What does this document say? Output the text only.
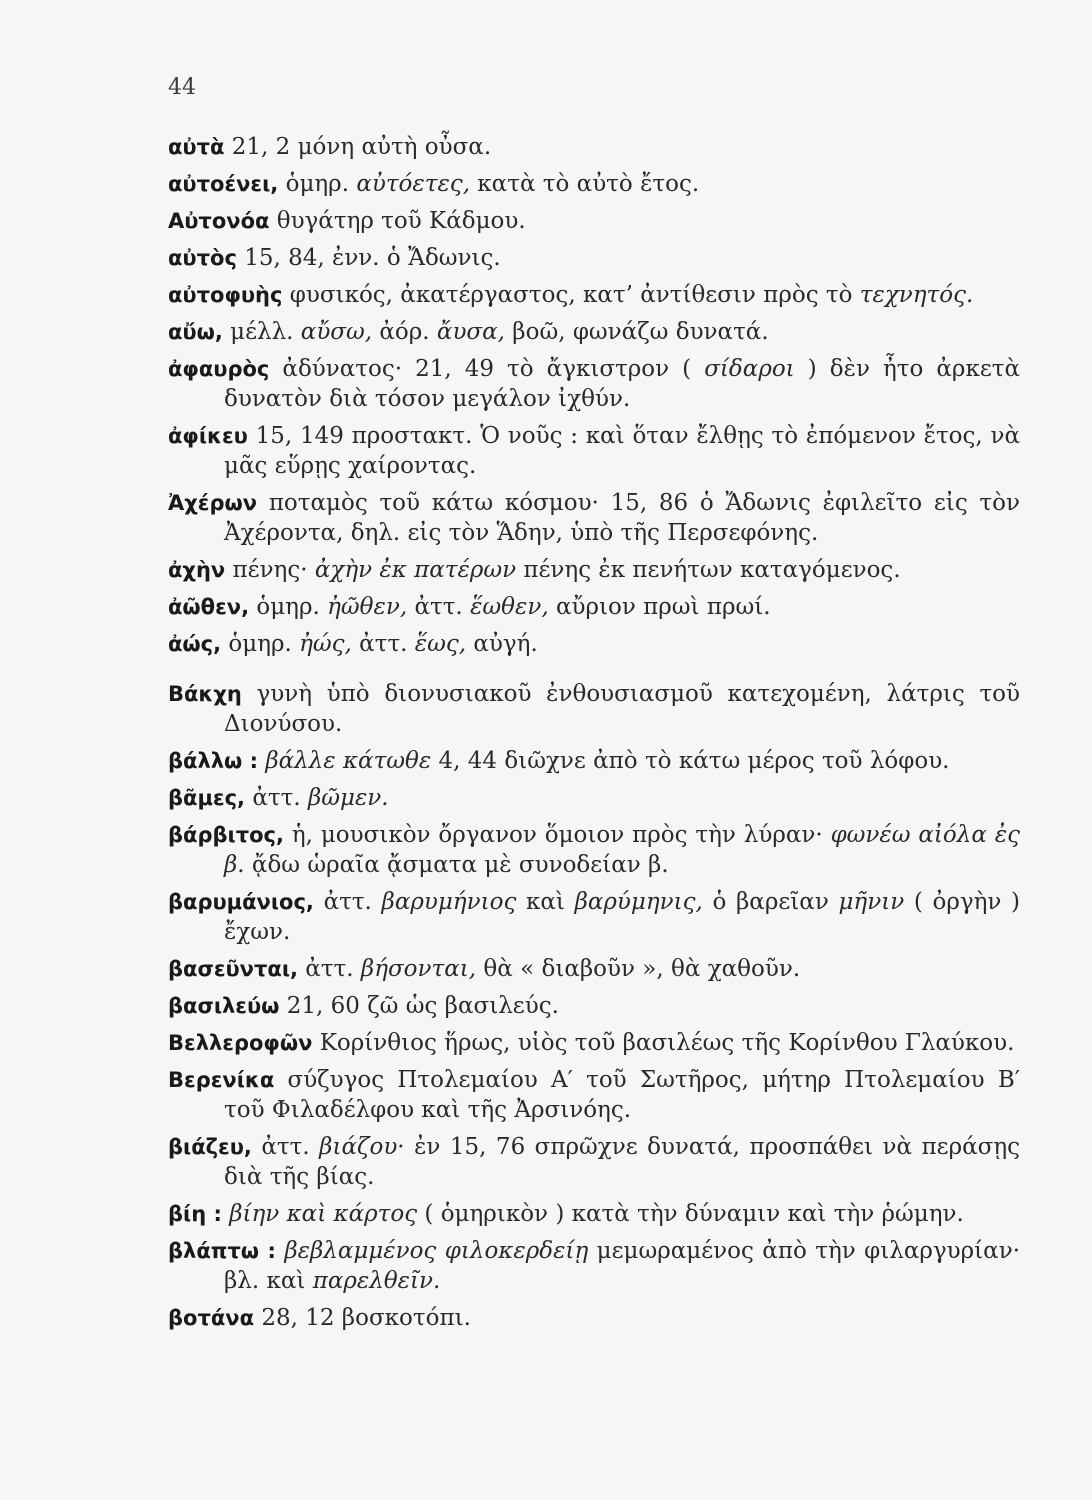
44

αὐτὰ 21, 2 μόνη αὐτὴ οὖσα.

αὐτοένει, ὁμηρ. αὐτόετες, κατὰ τὸ αὐτὸ ἔτος.

Αὐτονόα θυγάτηρ τοῦ Κάδμου.

αὐτὸς 15, 84, ἐνν. ὁ Ἄδωνις.

αὐτοφυὴς φυσικός, ἀκατέργαστος, κατ’ ἀντίθεσιν πρὸς τὸ τεχνητός.

αὔω, μέλλ. αὔσω, ἀόρ. ἄυσα, βοῶ, φωνάζω δυνατά.

ἀφαυρὸς ἀδύνατος· 21, 49 τὸ ἄγκιστρον ( σίδαροι ) δὲν ἦτο ἀρκετὰ δυνατὸν διὰ τόσον μεγάλον ἰχθύν.

ἀφίκευ 15, 149 προστακτ. Ὁ νοῦς : καὶ ὅταν ἔλθῃς τὸ ἐπόμενον ἔτος, νὰ μᾶς εὕρῃς χαίροντας.

Ἀχέρων ποταμὸς τοῦ κάτω κόσμου· 15, 86 ὁ Ἄδωνις ἐφιλεῖτο εἰς τὸν Ἀχέροντα, δηλ. εἰς τὸν Ἅδην, ὑπὸ τῆς Περσεφόνης.

ἀχὴν πένης· ἀχὴν ἐκ πατέρων πένης ἐκ πενήτων καταγόμενος.

ἀῶθεν, ὁμηρ. ἠῶθεν, ἀττ. ἕωθεν, αὔριον πρωὶ πρωί.

ἀώς, ὁμηρ. ἠώς, ἀττ. ἕως, αὐγή.

Βάκχη γυνὴ ὑπὸ διονυσιακοῦ ἐνθουσιασμοῦ κατεχομένη, λάτρις τοῦ Διονύσου.

βάλλω : βάλλε κάτωθε 4, 44 διῶχνε ἀπὸ τὸ κάτω μέρος τοῦ λόφου.

βᾶμες, ἀττ. βῶμεν.

βάρβιτος, ἡ, μουσικὸν ὄργανον ὅμοιον πρὸς τὴν λύραν· φωνέω αἰόλα ἐς β. ᾄδω ὡραῖα ᾄσματα μὲ συνοδείαν β.

βαρυμάνιος, ἀττ. βαρυμήνιος καὶ βαρύμηνις, ὁ βαρεῖαν μῆνιν ( ὀργὴν ) ἔχων.

βασεῦνται, ἀττ. βήσονται, θὰ « διαβοῦν », θὰ χαθοῦν.

βασιλεύω 21, 60 ζῶ ὡς βασιλεύς.

Βελλεροφῶν Κορίνθιος ἥρως, υἱὸς τοῦ βασιλέως τῆς Κορίνθου Γλαύκου.

Βερενίκα σύζυγος Πτολεμαίου Α′ τοῦ Σωτῆρος, μήτηρ Πτολεμαίου Β′ τοῦ Φιλαδέλφου καὶ τῆς Ἀρσινόης.

βιάζευ, ἀττ. βιάζου· ἐν 15, 76 σπρῶχνε δυνατά, προσπάθει νὰ περάσῃς διὰ τῆς βίας.

βίη : βίην καὶ κάρτος ( ὁμηρικὸν ) κατὰ τὴν δύναμιν καὶ τὴν ῥώμην.

βλάπτω : βεβλαμμένος φιλοκερδείῃ μεμωραμένος ἀπὸ τὴν φιλαργυρίαν· βλ. καὶ παρελθεῖν.

βοτάνα 28, 12 βοσκοτόπι.
